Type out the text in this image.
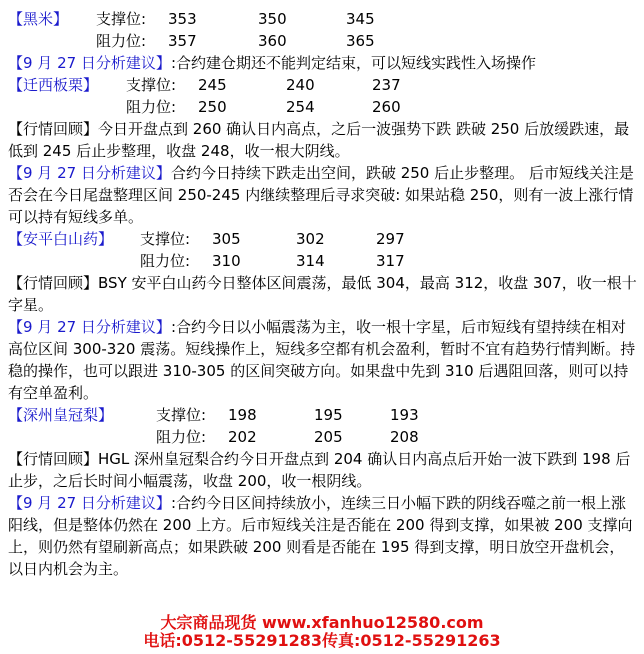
【黑米】 支撑位: 353	350	345
阻力位: 357	360	365
【9 月 27 日分析建议】:合约建仓期还不能判定结束，可以短线实践性入场操作
【迁西板栗】 支撑位: 245	240	237
阻力位: 250	254	260
【行情回顾】今日开盘点到 260 确认日内高点，之后一波强势下跌 跌破 250 后放缓跌速，最低到 245 后止步整理，收盘 248，收一根大阴线。
【9 月 27 日分析建议】合约今日持续下跌走出空间，跌破 250 后止步整理。 后市短线关注是否会在今日尾盘整理区间 250-245 内继续整理后寻求突破: 如果站稳 250，则有一波上涨行情可以持有短线多单。
【安平白山药】 支撑位: 305	302	297
阻力位: 310	314	317
【行情回顾】BSY 安平白山药今日整体区间震荡，最低 304，最高 312，收盘 307，收一根十字星。
【9 月 27 日分析建议】:合约今日以小幅震荡为主，收一根十字星，后市短线有望持续在相对高位区间 300-320 震荡。短线操作上，短线多空都有机会盈利，暂时不宜有趋势行情判断。持稳的操作，也可以跟进 310-305 的区间突破方向。如果盘中先到 310 后遇阻回落，则可以持有空单盈利。
【深州皇冠梨】	支撑位: 198	195	193
阻力位: 202	205	208
【行情回顾】HGL 深州皇冠梨合约今日开盘点到 204 确认日内高点后开始一波下跌到 198 后止步，之后长时间小幅震荡，收盘 200，收一根阴线。
【9 月 27 日分析建议】:合约今日区间持续放小，连续三日小幅下跌的阴线吞噬之前一根上涨阳线，但是整体仍然在 200 上方。后市短线关注是否能在 200 得到支撑，如果被 200 支撑向上，则仍然有望刷新高点；如果跌破 200 则看是否能在 195 得到支撑，明日放空开盘机会，以日内机会为主。
大宗商品现货 www.xfanhuo12580.com
电话:0512-55291283传真:0512-55291263
